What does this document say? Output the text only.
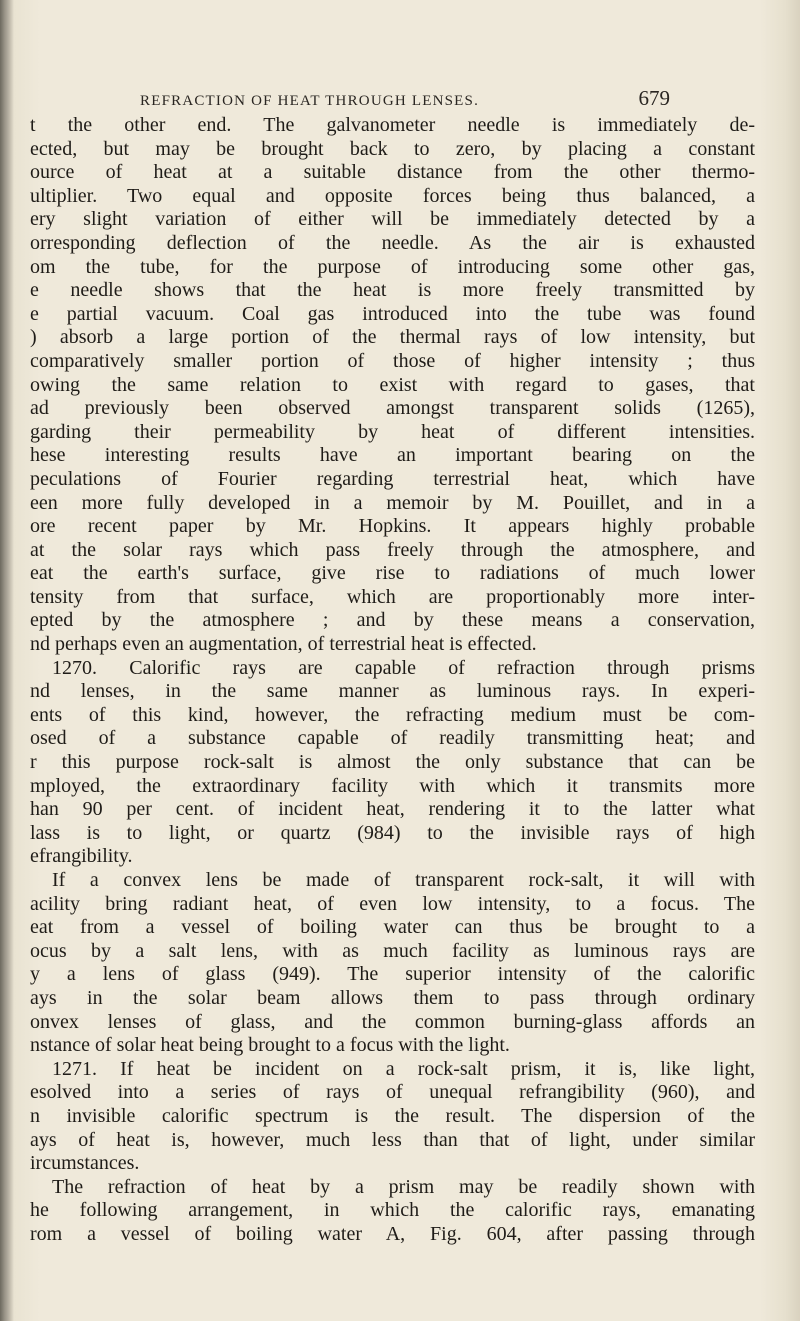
REFRACTION OF HEAT THROUGH LENSES.	679
t the other end. The galvanometer needle is immediately de-
ected, but may be brought back to zero, by placing a constant
ource of heat at a suitable distance from the other thermo-
ultiplier. Two equal and opposite forces being thus balanced, a
ery slight variation of either will be immediately detected by a
orresponding deflection of the needle. As the air is exhausted
om the tube, for the purpose of introducing some other gas,
e needle shows that the heat is more freely transmitted by
e partial vacuum. Coal gas introduced into the tube was found
) absorb a large portion of the thermal rays of low intensity, but
comparatively smaller portion of those of higher intensity ; thus
owing the same relation to exist with regard to gases, that
ad previously been observed amongst transparent solids (1265),
garding their permeability by heat of different intensities.
hese interesting results have an important bearing on the
peculations of Fourier regarding terrestrial heat, which have
een more fully developed in a memoir by M. Pouillet, and in a
ore recent paper by Mr. Hopkins. It appears highly probable
at the solar rays which pass freely through the atmosphere, and
eat the earth's surface, give rise to radiations of much lower
tensity from that surface, which are proportionably more inter-
epted by the atmosphere ; and by these means a conservation,
nd perhaps even an augmentation, of terrestrial heat is effected.
1270. Calorific rays are capable of refraction through prisms
nd lenses, in the same manner as luminous rays. In experi-
ents of this kind, however, the refracting medium must be com-
osed of a substance capable of readily transmitting heat; and
r this purpose rock-salt is almost the only substance that can be
mployed, the extraordinary facility with which it transmits more
han 90 per cent. of incident heat, rendering it to the latter what
lass is to light, or quartz (984) to the invisible rays of high
efrangibility.
If a convex lens be made of transparent rock-salt, it will with
acility bring radiant heat, of even low intensity, to a focus. The
eat from a vessel of boiling water can thus be brought to a
ocus by a salt lens, with as much facility as luminous rays are
y a lens of glass (949). The superior intensity of the calorific
ays in the solar beam allows them to pass through ordinary
onvex lenses of glass, and the common burning-glass affords an
nstance of solar heat being brought to a focus with the light.
1271. If heat be incident on a rock-salt prism, it is, like light,
esolved into a series of rays of unequal refrangibility (960), and
n invisible calorific spectrum is the result. The dispersion of the
ays of heat is, however, much less than that of light, under similar
ircumstances.
The refraction of heat by a prism may be readily shown with
he following arrangement, in which the calorific rays, emanating
rom a vessel of boiling water A, Fig. 604, after passing through
